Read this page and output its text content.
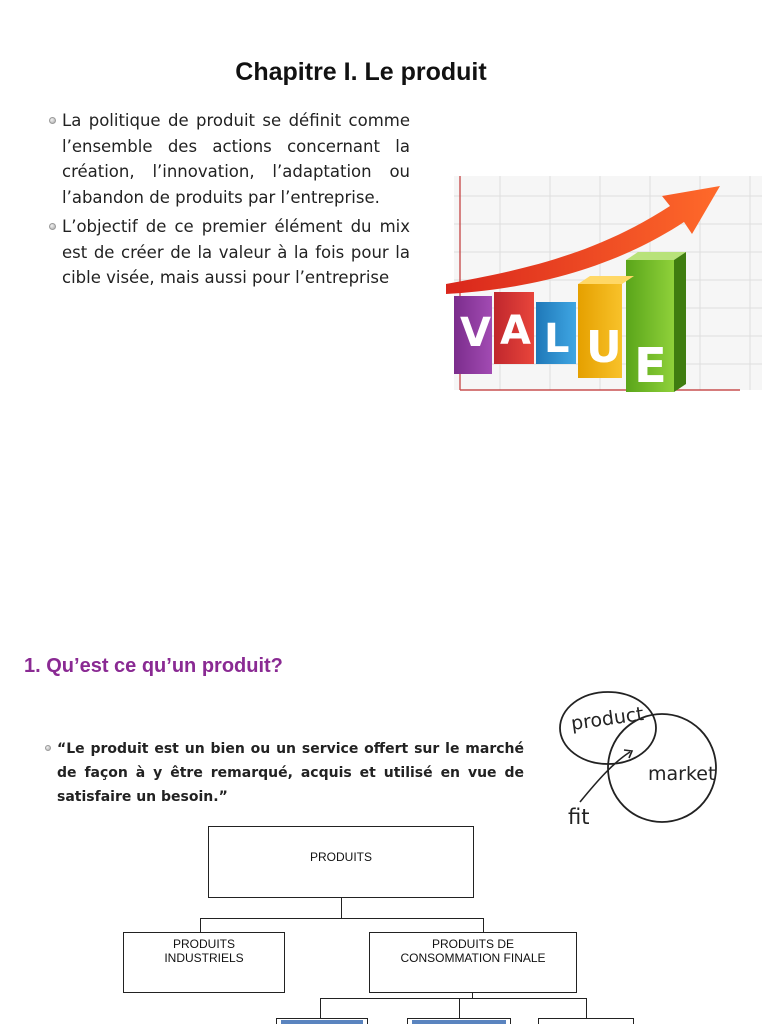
Chapitre I. Le produit
La politique de produit se définit comme l’ensemble des actions concernant la création, l’innovation, l’adaptation ou l’abandon de produits par l’entreprise.
L’objectif de ce premier élément du mix est de créer de la valeur à la fois pour la cible visée, mais aussi pour l’entreprise
V A L U E
1. Qu’est ce qu’un produit?
“Le produit est un bien ou un service offert sur le marché de façon à y être remarqué, acquis et utilisé en vue de satisfaire un besoin.”
product
market
fit
PRODUITS
PRODUITS
INDUSTRIELS
PRODUITS DE
CONSOMMATION FINALE
